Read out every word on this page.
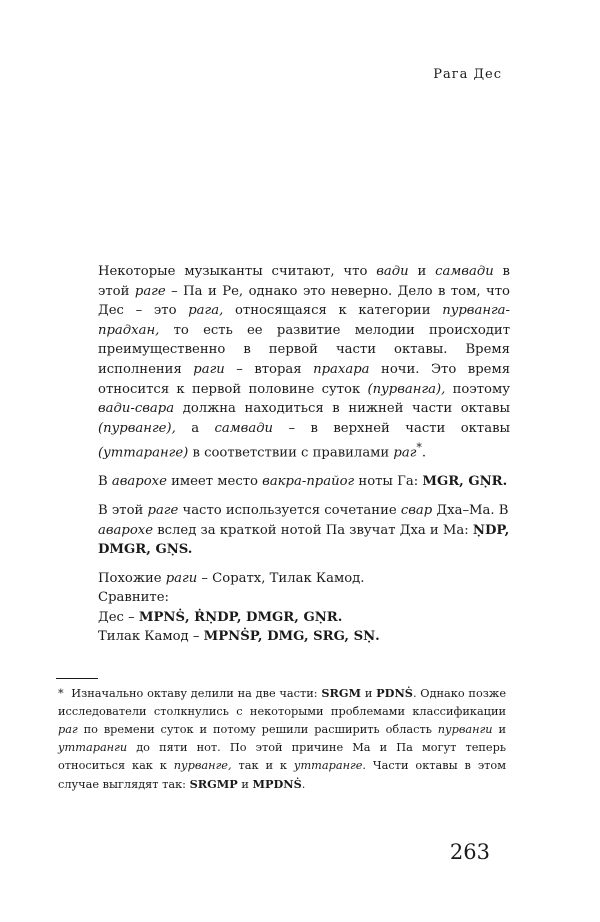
Рага Дес

Некоторые музыканты считают, что вади и самвади в этой раге – Па и Ре, однако это неверно. Дело в том, что Дес – это рага, относящаяся к категории пурванга-прадхан, то есть ее развитие мелодии происходит преимущественно в первой части октавы. Время исполнения раги – вторая прахара ночи. Это время относится к первой половине суток (пурванга), поэтому вади-свара должна находиться в нижней части октавы (пурванге), а самвади – в верхней части октавы (уттаранге) в соответствии с правилами раг*.

В аварохе имеет место вакра-прайог ноты Га: MGR, GṆR.

В этой раге часто используется сочетание свар Дха–Ма. В аварохе вслед за краткой нотой Па звучат Дха и Ма: ṆDP, DMGR, GṆS.

Похожие раги – Соратх, Тилак Камод.

Сравните:

Дес – MPNṠ, ṘṆDP, DMGR, GṆR.

Тилак Камод – MPNṠP, DMG, SRG, SṆ.

*  Изначально октаву делили на две части: SRGM и PDNṠ. Однако позже исследователи столкнулись с некоторыми проблемами классификации раг по времени суток и потому решили расширить область пурванги и уттаранги до пяти нот. По этой причине Ма и Па могут теперь относиться как к пурванге, так и к уттаранге. Части октавы в этом случае выглядят так: SRGMP и MPDNṠ.
263
